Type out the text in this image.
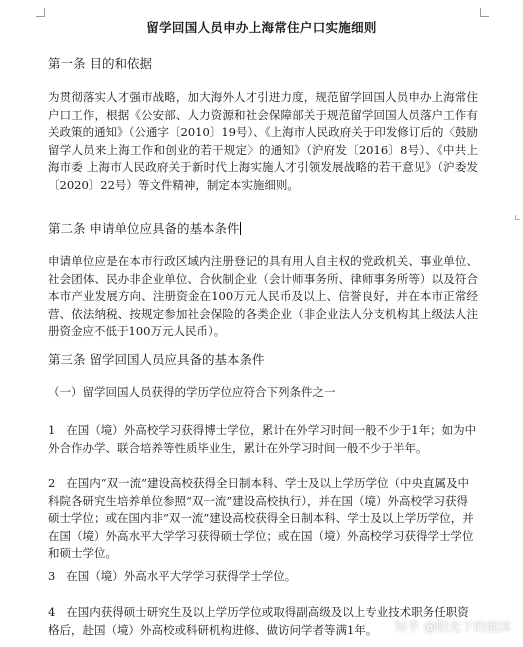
留学回国人员申办上海常住户口实施细则
第一条 目的和依据

为贯彻落实人才强市战略，加大海外人才引进力度，规范留学回国人员申办上海常住户口工作，根据《公安部、人力资源和社会保障部关于规范留学回国人员落户工作有关政策的通知》（公通字〔2010〕19号）、《上海市人民政府关于印发修订后的〈鼓励留学人员来上海工作和创业的若干规定〉的通知》（沪府发〔2016〕8号）、《中共上海市委 上海市人民政府关于新时代上海实施人才引领发展战略的若干意见》（沪委发〔2020〕22号）等文件精神，制定本实施细则。

第二条 申请单位应具备的基本条件

申请单位应是在本市行政区域内注册登记的具有用人自主权的党政机关、事业单位、社会团体、民办非企业单位、合伙制企业（会计师事务所、律师事务所等）以及符合本市产业发展方向、注册资金在100万元人民币及以上、信誉良好，并在本市正常经营、依法纳税、按规定参加社会保险的各类企业（非企业法人分支机构其上级法人注册资金应不低于100万元人民币）。

第三条 留学回国人员应具备的基本条件
（一）留学回国人员获得的学历学位应符合下列条件之一
1 在国（境）外高校学习获得博士学位，累计在外学习时间一般不少于1年；如为中外合作办学、联合培养等性质毕业生，累计在外学习时间一般不少于半年。
2 在国内“双一流”建设高校获得全日制本科、学士及以上学历学位（中央直属及中科院各研究生培养单位参照“双一流”建设高校执行），并在国（境）外高校学习获得硕士学位；或在国内非“双一流”建设高校获得全日制本科、学士及以上学历学位，并在国（境）外高水平大学学习获得硕士学位；或在国（境）外高校学习获得学士学位和硕士学位。
3 在国（境）外高水平大学学习获得学士学位。
4 在国内获得硕士研究生及以上学历学位或取得副高级及以上专业技术职务任职资格后，赴国（境）外高校或科研机构进修、做访问学者等满1年。	知乎 @阳光下的泡沫
